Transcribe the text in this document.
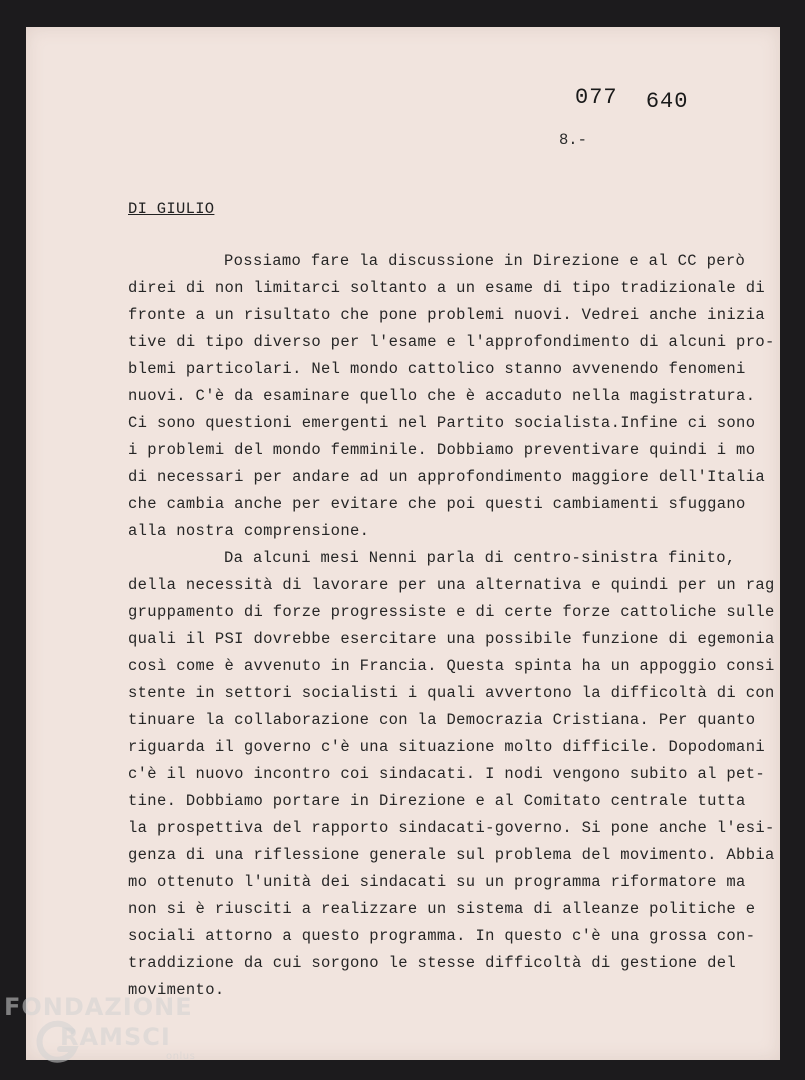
077 640
8.-
DI GIULIO
Possiamo fare la discussione in Direzione e al CC però
direi di non limitarci soltanto a un esame di tipo tradizionale di
fronte a un risultato che pone problemi nuovi. Vedrei anche inizia
tive di tipo diverso per l'esame e l'approfondimento di alcuni pro-
blemi particolari. Nel mondo cattolico stanno avvenendo fenomeni
nuovi. C'è da esaminare quello che è accaduto nella magistratura.
Ci sono questioni emergenti nel Partito socialista.Infine ci sono
i problemi del mondo femminile. Dobbiamo preventivare quindi i mo
di necessari per andare ad un approfondimento maggiore dell'Italia
che cambia anche per evitare che poi questi cambiamenti sfuggano
alla nostra comprensione.
Da alcuni mesi Nenni parla di centro-sinistra finito,
della necessità di lavorare per una alternativa e quindi per un rag
gruppamento di forze progressiste e di certe forze cattoliche sulle
quali il PSI dovrebbe esercitare una possibile funzione di egemonia
così come è avvenuto in Francia. Questa spinta ha un appoggio consi
stente in settori socialisti i quali avvertono la difficoltà di con
tinuare la collaborazione con la Democrazia Cristiana. Per quanto
riguarda il governo c'è una situazione molto difficile. Dopodomani
c'è il nuovo incontro coi sindacati. I nodi vengono subito al pet-
tine. Dobbiamo portare in Direzione e al Comitato centrale tutta
la prospettiva del rapporto sindacati-governo. Si pone anche l'esi-
genza di una riflessione generale sul problema del movimento. Abbia
mo ottenuto l'unità dei sindacati su un programma riformatore ma
non si è riusciti a realizzare un sistema di alleanze politiche e
sociali attorno a questo programma. In questo c'è una grossa con-
traddizione da cui sorgono le stesse difficoltà di gestione del
movimento.
FONDAZIONE
RAMSCI
onlus
